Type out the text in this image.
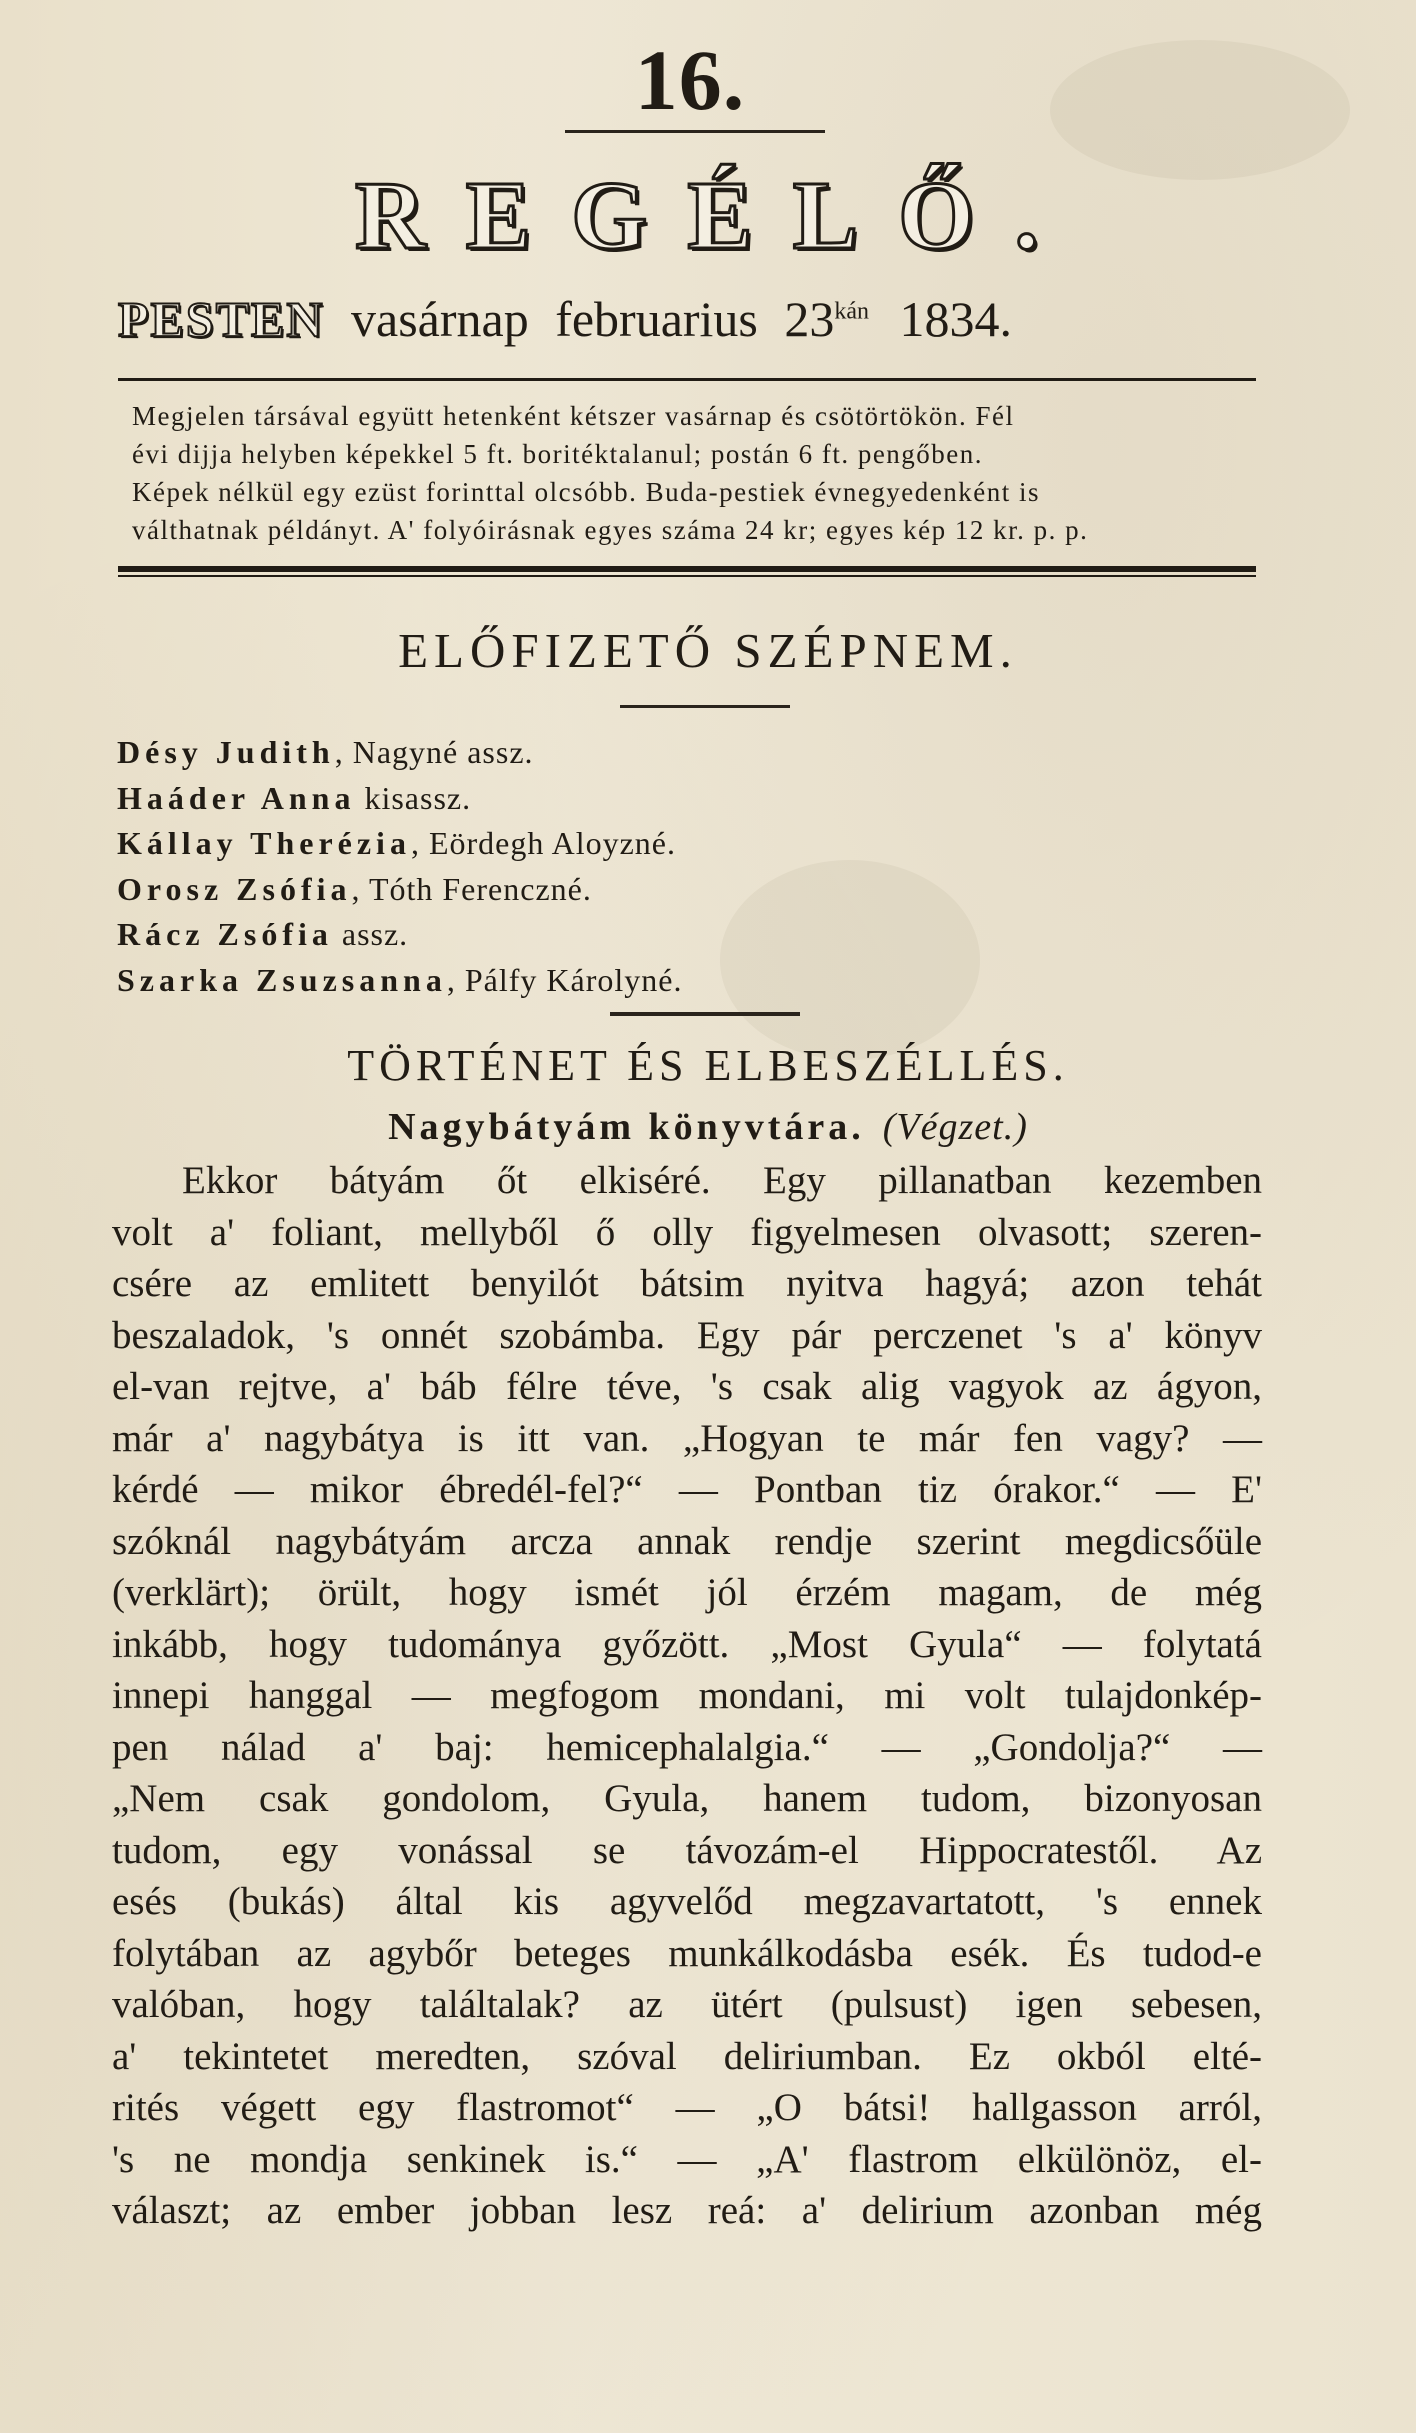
16.
REGÉLŐ.
PESTEN vasárnap februarius $23^{kán}$ 1834.
Megjelen társával együtt hetenként kétszer vasárnap és csötörtökön. Fél
évi dijja helyben képekkel 5 ft. boritéktalanul; postán 6 ft. pengőben.
Képek nélkül egy ezüst forinttal olcsóbb. Buda-pestiek évnegyedenként is
válthatnak példányt. A' folyóirásnak egyes száma 24 kr; egyes kép 12 kr. p. p.
ELŐFIZETŐ SZÉPNEM.
Désy Judith, Nagyné assz.
Haáder Anna kisassz.
Kállay Therézia, Eördegh Aloyzné.
Orosz Zsófia, Tóth Ferenczné.
Rácz Zsófia assz.
Szarka Zsuzsanna, Pálfy Károlyné.
TÖRTÉNET ÉS ELBESZÉLLÉS.
Nagybátyám könyvtára. (Végzet.)
Ekkor bátyám őt elkiséré. Egy pillanatban kezemben
volt a' foliant, mellyből ő olly figyelmesen olvasott; szeren-
csére az emlitett benyilót bátsim nyitva hagyá; azon tehát
beszaladok, 's onnét szobámba. Egy pár perczenet 's a' könyv
el-van rejtve, a' báb félre téve, 's csak alig vagyok az ágyon,
már a' nagybátya is itt van. „Hogyan te már fen vagy? —
kérdé — mikor ébredél-fel?“ — Pontban tiz órakor.“ — E'
szóknál nagybátyám arcza annak rendje szerint megdicsőüle
(verklärt); örült, hogy ismét jól érzém magam, de még
inkább, hogy tudománya győzött. „Most Gyula“ — folytatá
innepi hanggal — megfogom mondani, mi volt tulajdonkép-
pen nálad a' baj: hemicephalalgia.“ — „Gondolja?“ —
„Nem csak gondolom, Gyula, hanem tudom, bizonyosan
tudom, egy vonással se távozám-el Hippocratestől. Az
esés (bukás) által kis agyvelőd megzavartatott, 's ennek
folytában az agybőr beteges munkálkodásba esék. És tudod-e
valóban, hogy találtalak? az ütért (pulsust) igen sebesen,
a' tekintetet meredten, szóval deliriumban. Ez okból elté-
rités végett egy flastromot“ — „O bátsi! hallgasson arról,
's ne mondja senkinek is.“ — „A' flastrom elkülönöz, el-
választ; az ember jobban lesz reá: a' delirium azonban még
